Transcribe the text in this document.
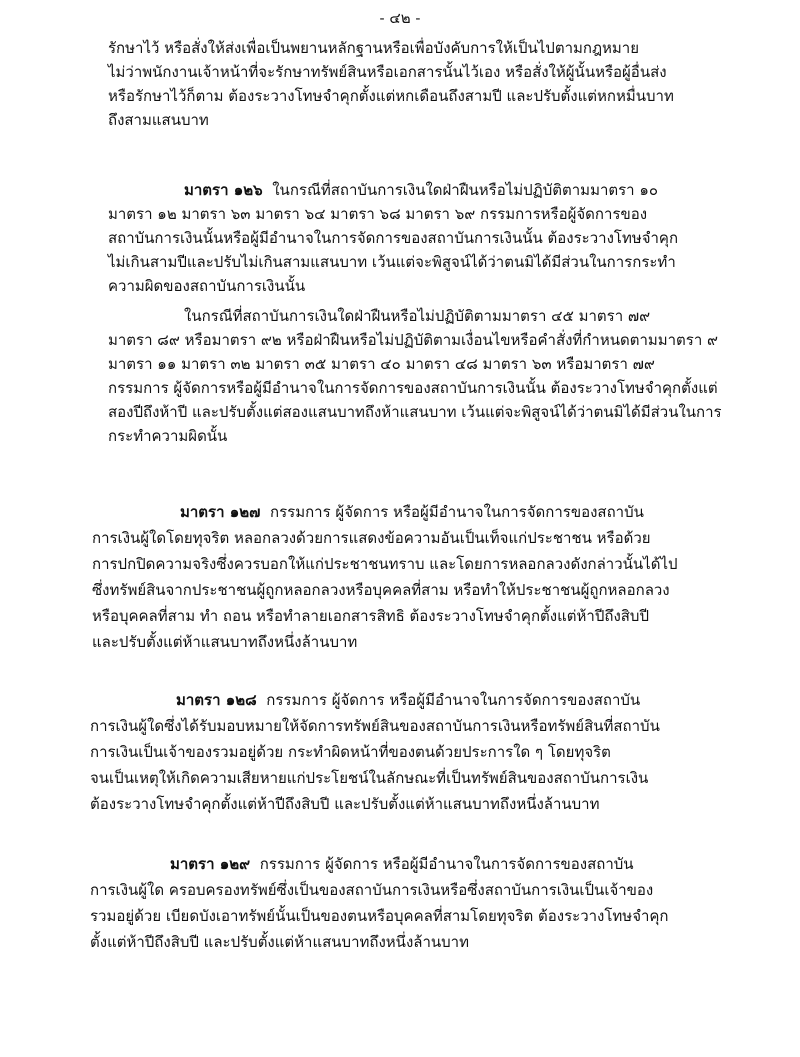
- ๔๒ -
รักษาไว้ หรือสั่งให้ส่งเพื่อเป็นพยานหลักฐานหรือเพื่อบังคับการให้เป็นไปตามกฎหมาย
ไม่ว่าพนักงานเจ้าหน้าที่จะรักษาทรัพย์สินหรือเอกสารนั้นไว้เอง หรือสั่งให้ผู้นั้นหรือผู้อื่นส่ง
หรือรักษาไว้ก็ตาม ต้องระวางโทษจำคุกตั้งแต่หกเดือนถึงสามปี และปรับตั้งแต่หกหมื่นบาท
ถึงสามแสนบาท
มาตรา ๑๒๖ ในกรณีที่สถาบันการเงินใดฝ่าฝืนหรือไม่ปฏิบัติตามมาตรา ๑๐
มาตรา ๑๒ มาตรา ๖๓ มาตรา ๖๔ มาตรา ๖๘ มาตรา ๖๙ กรรมการหรือผู้จัดการของ
สถาบันการเงินนั้นหรือผู้มีอำนาจในการจัดการของสถาบันการเงินนั้น ต้องระวางโทษจำคุก
ไม่เกินสามปีและปรับไม่เกินสามแสนบาท เว้นแต่จะพิสูจน์ได้ว่าตนมิได้มีส่วนในการกระทำ
ความผิดของสถาบันการเงินนั้น
ในกรณีที่สถาบันการเงินใดฝ่าฝืนหรือไม่ปฏิบัติตามมาตรา ๔๕ มาตรา ๗๙
มาตรา ๘๙ หรือมาตรา ๙๒ หรือฝ่าฝืนหรือไม่ปฏิบัติตามเงื่อนไขหรือคำสั่งที่กำหนดตามมาตรา ๙
มาตรา ๑๑ มาตรา ๓๒ มาตรา ๓๕ มาตรา ๔๐ มาตรา ๔๘ มาตรา ๖๓ หรือมาตรา ๗๙
กรรมการ ผู้จัดการหรือผู้มีอำนาจในการจัดการของสถาบันการเงินนั้น ต้องระวางโทษจำคุกตั้งแต่
สองปีถึงห้าปี และปรับตั้งแต่สองแสนบาทถึงห้าแสนบาท เว้นแต่จะพิสูจน์ได้ว่าตนมิได้มีส่วนในการ
กระทำความผิดนั้น
มาตรา ๑๒๗ กรรมการ ผู้จัดการ หรือผู้มีอำนาจในการจัดการของสถาบัน
การเงินผู้ใดโดยทุจริต หลอกลวงด้วยการแสดงข้อความอันเป็นเท็จแก่ประชาชน หรือด้วย
การปกปิดความจริงซึ่งควรบอกให้แก่ประชาชนทราบ และโดยการหลอกลวงดังกล่าวนั้นได้ไป
ซึ่งทรัพย์สินจากประชาชนผู้ถูกหลอกลวงหรือบุคคลที่สาม หรือทำให้ประชาชนผู้ถูกหลอกลวง
หรือบุคคลที่สาม ทำ ถอน หรือทำลายเอกสารสิทธิ ต้องระวางโทษจำคุกตั้งแต่ห้าปีถึงสิบปี
และปรับตั้งแต่ห้าแสนบาทถึงหนึ่งล้านบาท
มาตรา ๑๒๘ กรรมการ ผู้จัดการ หรือผู้มีอำนาจในการจัดการของสถาบัน
การเงินผู้ใดซึ่งได้รับมอบหมายให้จัดการทรัพย์สินของสถาบันการเงินหรือทรัพย์สินที่สถาบัน
การเงินเป็นเจ้าของรวมอยู่ด้วย กระทำผิดหน้าที่ของตนด้วยประการใด ๆ โดยทุจริต
จนเป็นเหตุให้เกิดความเสียหายแก่ประโยชน์ในลักษณะที่เป็นทรัพย์สินของสถาบันการเงิน
ต้องระวางโทษจำคุกตั้งแต่ห้าปีถึงสิบปี และปรับตั้งแต่ห้าแสนบาทถึงหนึ่งล้านบาท
มาตรา ๑๒๙ กรรมการ ผู้จัดการ หรือผู้มีอำนาจในการจัดการของสถาบัน
การเงินผู้ใด ครอบครองทรัพย์ซึ่งเป็นของสถาบันการเงินหรือซึ่งสถาบันการเงินเป็นเจ้าของ
รวมอยู่ด้วย เบียดบังเอาทรัพย์นั้นเป็นของตนหรือบุคคลที่สามโดยทุจริต ต้องระวางโทษจำคุก
ตั้งแต่ห้าปีถึงสิบปี และปรับตั้งแต่ห้าแสนบาทถึงหนึ่งล้านบาท
